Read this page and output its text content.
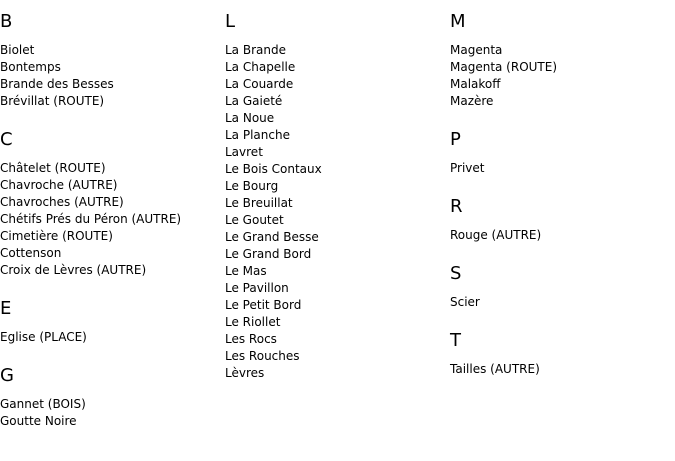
B
Biolet
Bontemps
Brande des Besses
Brévillat (ROUTE)
C
Châtelet (ROUTE)
Chavroche (AUTRE)
Chavroches (AUTRE)
Chétifs Prés du Péron (AUTRE)
Cimetière (ROUTE)
Cottenson
Croix de Lèvres (AUTRE)
E
Eglise (PLACE)
G
Gannet (BOIS)
Goutte Noire
L
La Brande
La Chapelle
La Couarde
La Gaieté
La Noue
La Planche
Lavret
Le Bois Contaux
Le Bourg
Le Breuillat
Le Goutet
Le Grand Besse
Le Grand Bord
Le Mas
Le Pavillon
Le Petit Bord
Le Riollet
Les Rocs
Les Rouches
Lèvres
M
Magenta
Magenta (ROUTE)
Malakoff
Mazère
P
Privet
R
Rouge (AUTRE)
S
Scier
T
Tailles (AUTRE)
